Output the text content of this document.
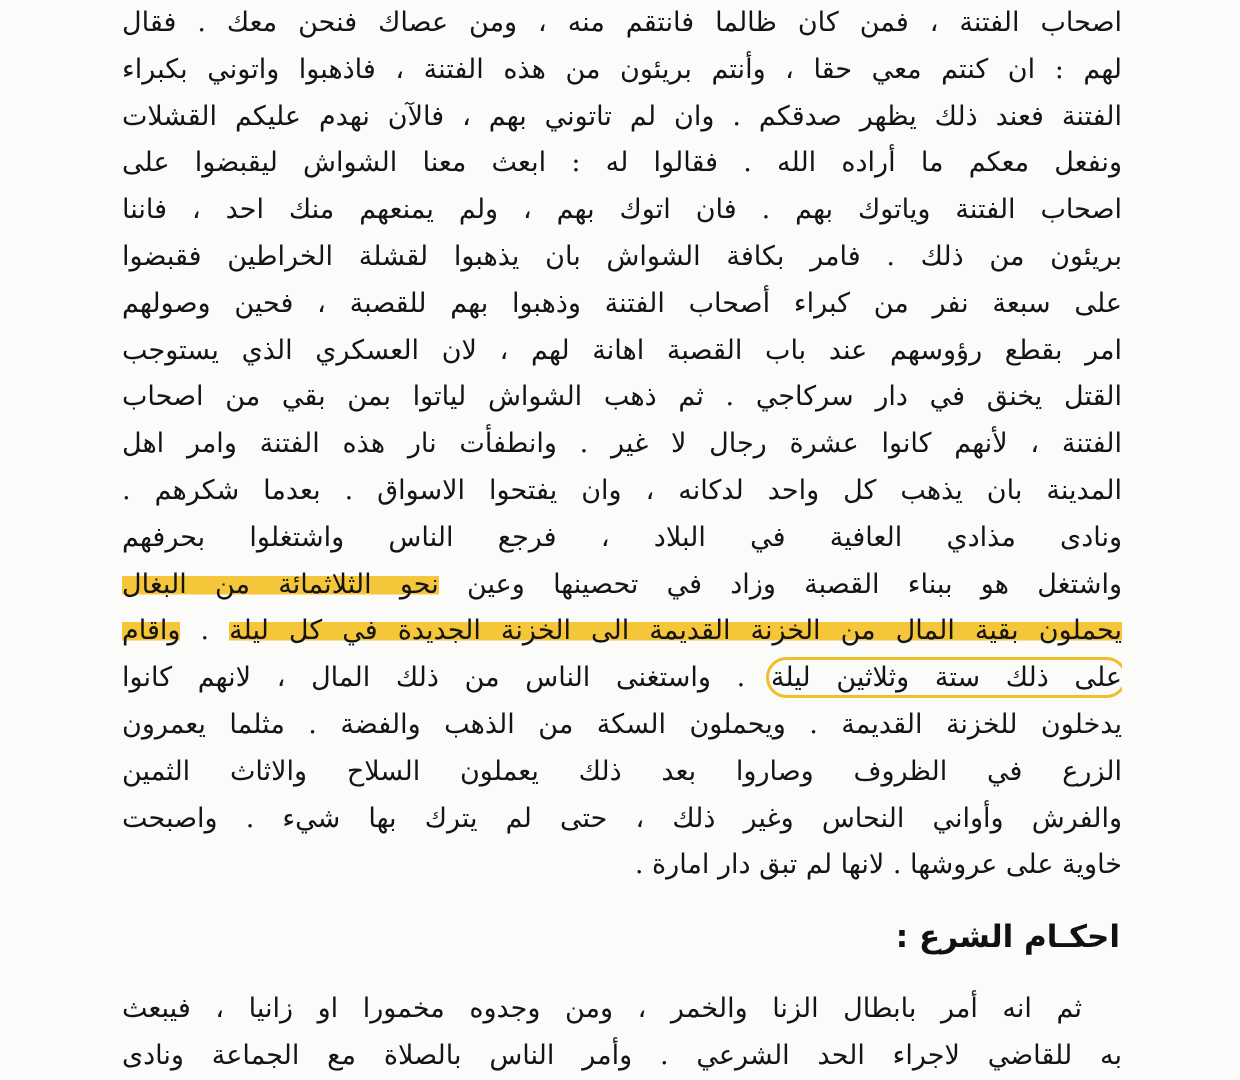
اصحاب الفتنة ، فمن كان ظالما فانتقم منه ، ومن عصاك فنحن معك . فقال
لهم : ان كنتم معي حقا ، وأنتم بريئون من هذه الفتنة ، فاذهبوا واتوني بكبراء
الفتنة فعند ذلك يظهر صدقكم . وان لم تاتوني بهم ، فالآن نهدم عليكم القشلات
ونفعل معكم ما أراده الله . فقالوا له : ابعث معنا الشواش ليقبضوا على
اصحاب الفتنة وياتوك بهم . فان اتوك بهم ، ولم يمنعهم منك احد ، فاننا
بريئون من ذلك . فامر بكافة الشواش بان يذهبوا لقشلة الخراطين فقبضوا
على سبعة نفر من كبراء أصحاب الفتنة وذهبوا بهم للقصبة ، فحين وصولهم
امر بقطع رؤوسهم عند باب القصبة اهانة لهم ، لان العسكري الذي يستوجب
القتل يخنق في دار سركاجي . ثم ذهب الشواش لياتوا بمن بقي من اصحاب
الفتنة ، لأنهم كانوا عشرة رجال لا غير . وانطفأت نار هذه الفتنة وامر اهل
المدينة بان يذهب كل واحد لدكانه ، وان يفتحوا الاسواق . بعدما شكرهم .
ونادى مذادي العافية في البلاد ، فرجع الناس واشتغلوا بحرفهم
واشتغل هو ببناء القصبة وزاد في تحصينها وعين نحو الثلاثمائة من البغال
يحملون بقية المال من الخزنة القديمة الى الخزنة الجديدة في كل ليلة . واقام
على ذلك ستة وثلاثين ليلة . واستغنى الناس من ذلك المال ، لانهم كانوا
يدخلون للخزنة القديمة . ويحملون السكة من الذهب والفضة . مثلما يعمرون
الزرع في الظروف وصاروا بعد ذلك يعملون السلاح والاثاث الثمين
والفرش وأواني النحاس وغير ذلك ، حتى لم يترك بها شيء . واصبحت
خاوية على عروشها . لانها لم تبق دار امارة .
احكـام الشرع :
ثم انه أمر بابطال الزنا والخمر ، ومن وجدوه مخمورا او زانيا ، فيبعث
به للقاضي لاجراء الحد الشرعي . وأمر الناس بالصلاة مع الجماعة ونادى
